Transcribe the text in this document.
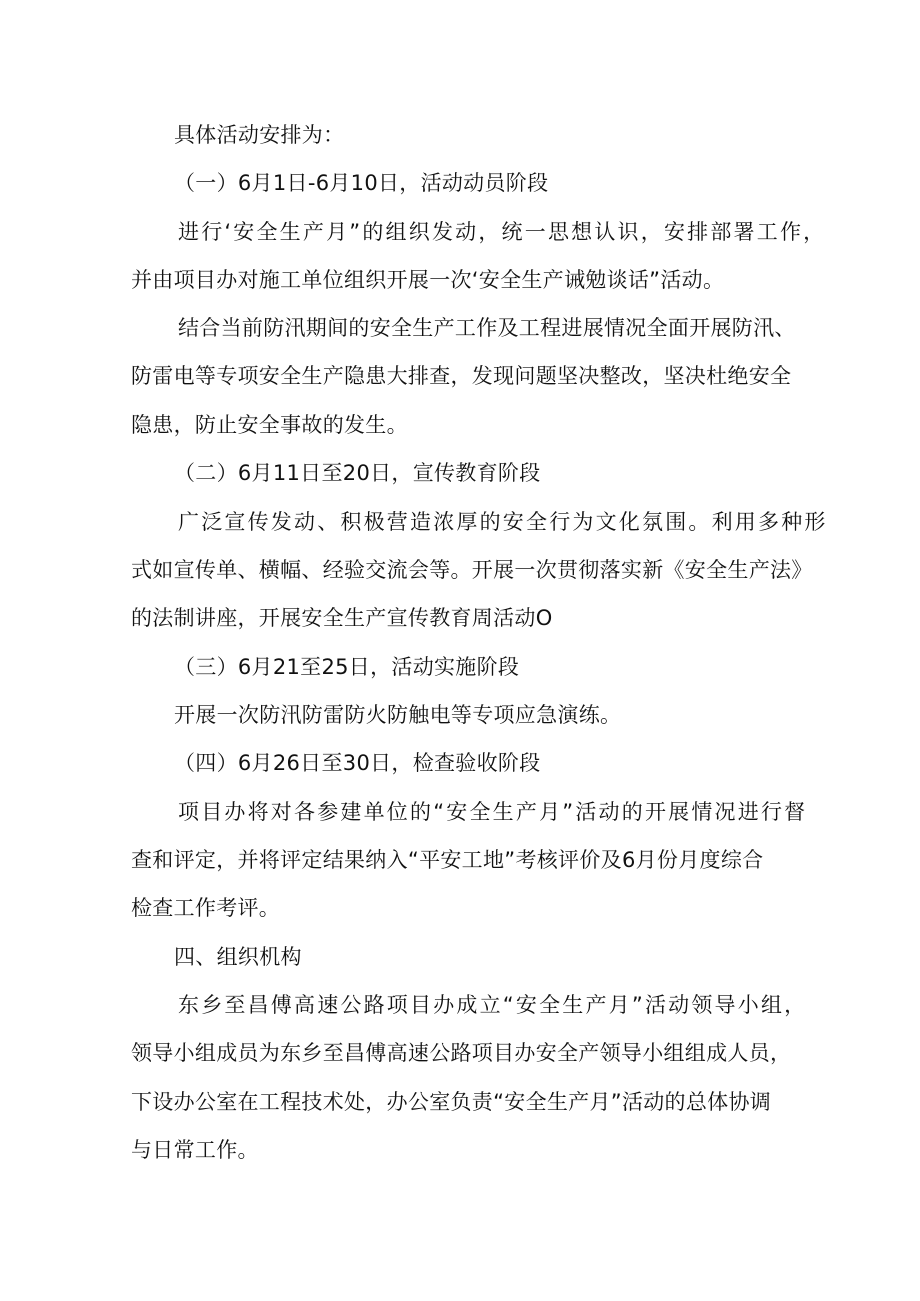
具体活动安排为：
（一）6月1日-6月10日，活动动员阶段
进行‘安全生产月”的组织发动，统一思想认识，安排部署工作，
并由项目办对施工单位组织开展一次‘安全生产诫勉谈话”活动。
结合当前防汛期间的安全生产工作及工程进展情况全面开展防汛、
防雷电等专项安全生产隐患大排查，发现问题坚决整改，坚决杜绝安全
隐患，防止安全事故的发生。
（二）6月11日至20日，宣传教育阶段
广泛宣传发动、积极营造浓厚的安全行为文化氛围。利用多种形
式如宣传单、横幅、经验交流会等。开展一次贯彻落实新《安全生产法》
的法制讲座，开展安全生产宣传教育周活动O
（三）6月21至25日，活动实施阶段
开展一次防汛防雷防火防触电等专项应急演练。
（四）6月26日至30日，检查验收阶段
项目办将对各参建单位的“安全生产月”活动的开展情况进行督
查和评定，并将评定结果纳入“平安工地”考核评价及6月份月度综合
检查工作考评。
四、组织机构
东乡至昌傅高速公路项目办成立“安全生产月”活动领导小组，
领导小组成员为东乡至昌傅高速公路项目办安全产领导小组组成人员，
下设办公室在工程技术处，办公室负责“安全生产月”活动的总体协调
与日常工作。
